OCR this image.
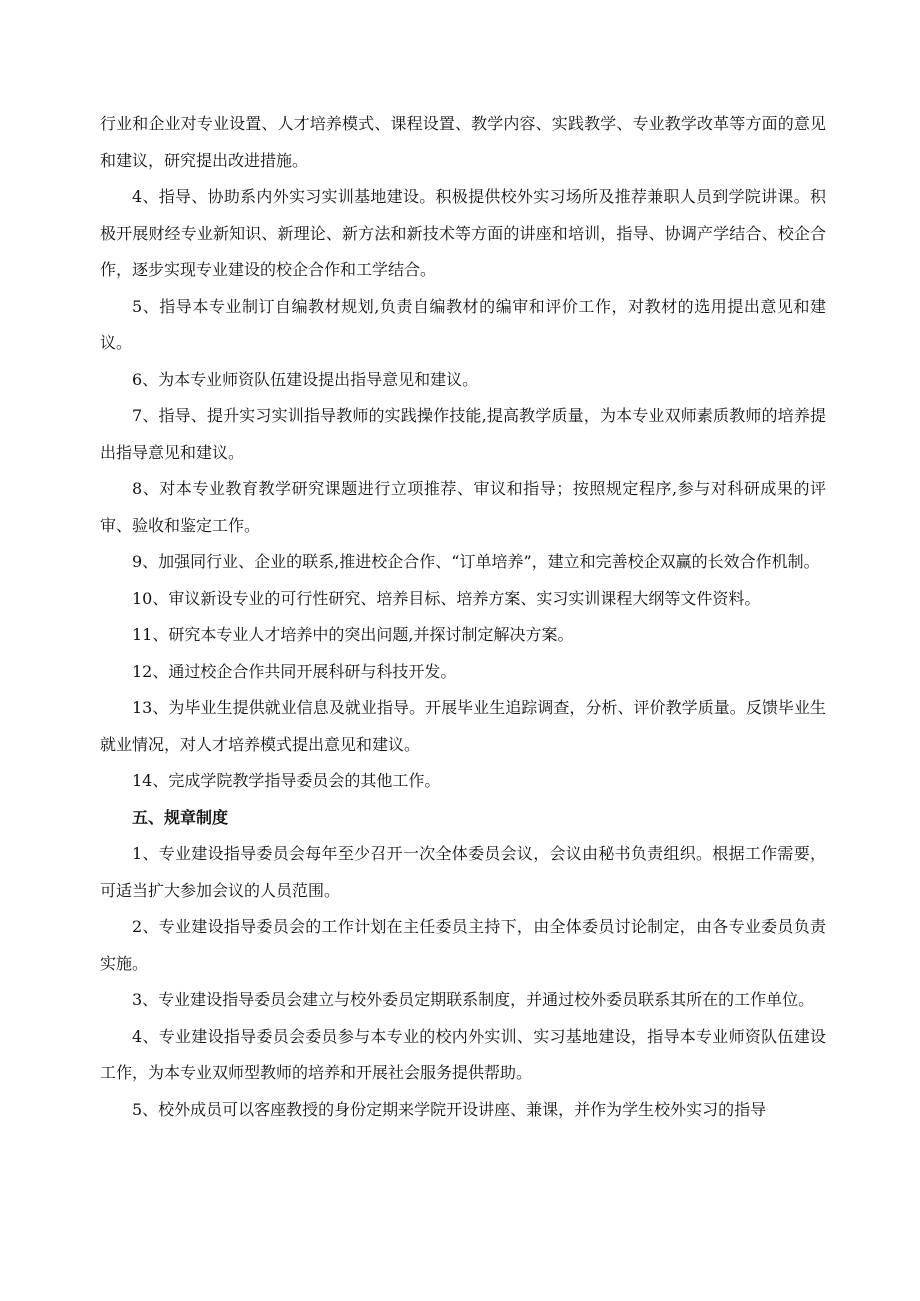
行业和企业对专业设置、人才培养模式、课程设置、教学内容、实践教学、专业教学改革等方面的意见和建议，研究提出改进措施。

4、指导、协助系内外实习实训基地建设。积极提供校外实习场所及推荐兼职人员到学院讲课。积极开展财经专业新知识、新理论、新方法和新技术等方面的讲座和培训，指导、协调产学结合、校企合作，逐步实现专业建设的校企合作和工学结合。

5、指导本专业制订自编教材规划,负责自编教材的编审和评价工作，对教材的选用提出意见和建议。

6、为本专业师资队伍建设提出指导意见和建议。

7、指导、提升实习实训指导教师的实践操作技能,提高教学质量，为本专业双师素质教师的培养提出指导意见和建议。

8、对本专业教育教学研究课题进行立项推荐、审议和指导；按照规定程序,参与对科研成果的评审、验收和鉴定工作。

9、加强同行业、企业的联系,推进校企合作、“订单培养”，建立和完善校企双赢的长效合作机制。

10、审议新设专业的可行性研究、培养目标、培养方案、实习实训课程大纲等文件资料。

11、研究本专业人才培养中的突出问题,并探讨制定解决方案。

12、通过校企合作共同开展科研与科技开发。

13、为毕业生提供就业信息及就业指导。开展毕业生追踪调查，分析、评价教学质量。反馈毕业生就业情况，对人才培养模式提出意见和建议。

14、完成学院教学指导委员会的其他工作。

五、规章制度

1、专业建设指导委员会每年至少召开一次全体委员会议，会议由秘书负责组织。根据工作需要，可适当扩大参加会议的人员范围。

2、专业建设指导委员会的工作计划在主任委员主持下，由全体委员讨论制定，由各专业委员负责实施。

3、专业建设指导委员会建立与校外委员定期联系制度，并通过校外委员联系其所在的工作单位。

4、专业建设指导委员会委员参与本专业的校内外实训、实习基地建设，指导本专业师资队伍建设工作，为本专业双师型教师的培养和开展社会服务提供帮助。

5、校外成员可以客座教授的身份定期来学院开设讲座、兼课，并作为学生校外实习的指导
